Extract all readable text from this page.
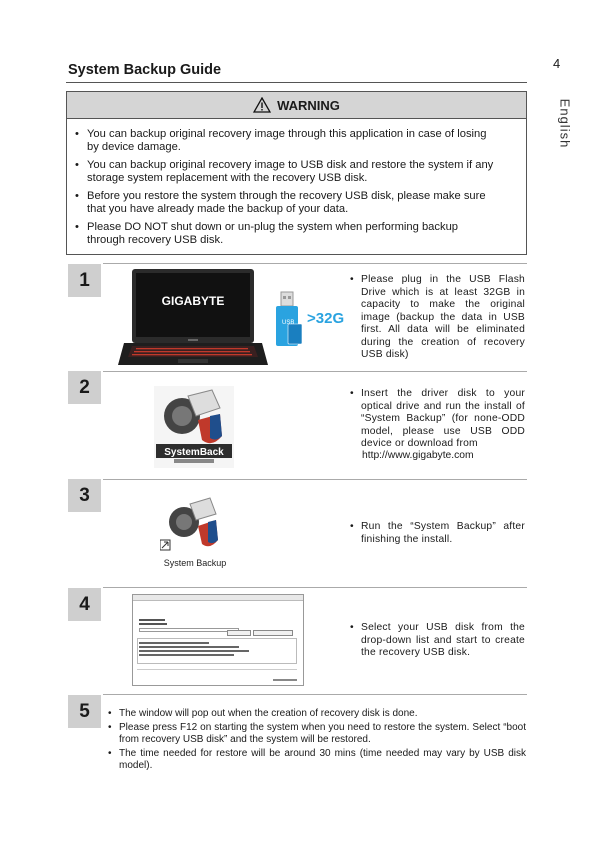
4
English
System Backup Guide
WARNING
• You can backup original recovery image through this application in case of losing by device damage.
• You can backup original recovery image to USB disk and restore the system if any storage system replacement with the recovery USB disk.
• Before you restore the system through the recovery USB disk, please make sure that you have already made the backup of your data.
• Please DO NOT shut down or un-plug the system when performing backup through recovery USB disk.
1
GIGABYTE
USB >32G

• Please plug in the USB Flash Drive which is at least 32GB in capacity to make the original image (backup the data in USB first. All data will be eliminated during the creation of recovery USB disk)

2
SystemBack

• Insert the driver disk to your optical drive and run the install of “System Backup” (for none-ODD model, please use USB ODD device or download from

http://www.gigabyte.com
3
System Backup

• Run the “System Backup” after finishing the install.

4

• Select your USB disk from the drop-down list and start to create the recovery USB disk.

5
•	The window will pop out when the creation of recovery disk is done.
• Please press F12 on starting the system when you need to restore the system. Select “boot from recovery USB disk” and the system will be restored.
• The time needed for restore will be around 30 mins (time needed may vary by USB disk model).
